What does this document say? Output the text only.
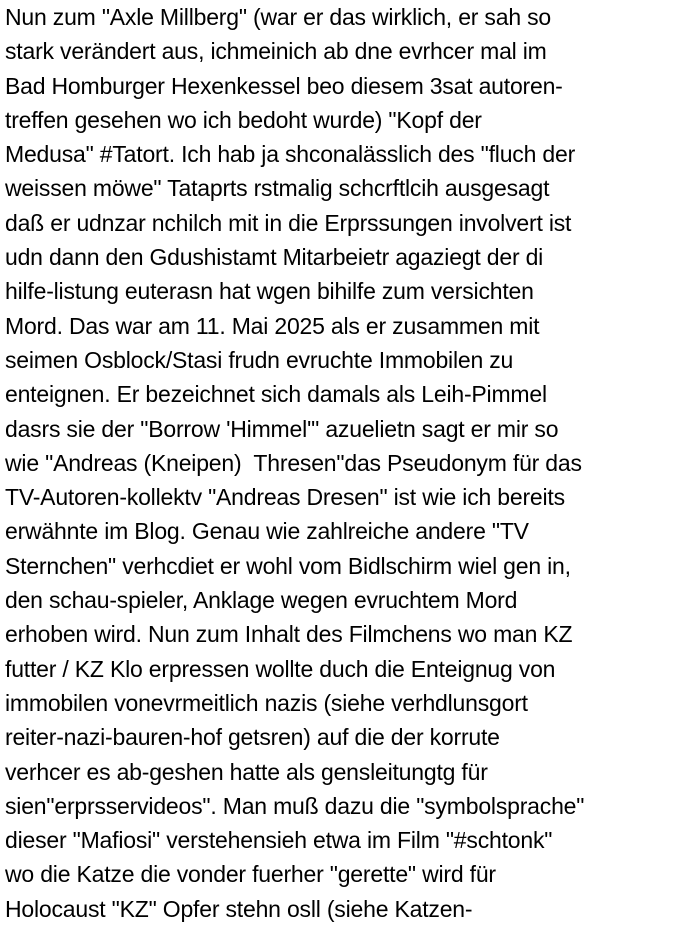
Nun zum "Axle Millberg" (war er das wirklich, er sah so
stark verändert aus, ichmeinich ab dne evrhcer mal im
Bad Homburger Hexenkessel beo diesem 3sat autoren-
treffen gesehen wo ich bedoht wurde) "Kopf der
Medusa" #Tatort. Ich hab ja shconalässlich des "fluch der
weissen möwe" Tataprts rstmalig schcrftlcih ausgesagt
daß er udnzar nchilch mit in die Erprssungen involvert ist
udn dann den Gdushistamt Mitarbeietr agaziegt der di
hilfe-listung euterasn hat wgen bihilfe zum versichten
Mord. Das war am 11. Mai 2025 als er zusammen mit
seimen Osblock/Stasi frudn evruchte Immobilen zu
enteignen. Er bezeichnet sich damals als Leih-Pimmel
dasrs sie der "Borrow 'Himmel'" azuelietn sagt er mir so
wie "Andreas (Kneipen)  Thresen"das Pseudonym für das
TV-Autoren-kollektv "Andreas Dresen" ist wie ich bereits
erwähnte im Blog. Genau wie zahlreiche andere "TV
Sternchen" verhcdiet er wohl vom Bidlschirm wiel gen in,
den schau-spieler, Anklage wegen evruchtem Mord
erhoben wird. Nun zum Inhalt des Filmchens wo man KZ
futter / KZ Klo erpressen wollte duch die Enteignug von
immobilen vonevrmeitlich nazis (siehe verhdlunsgort
reiter-nazi-bauren-hof getsren) auf die der korrute
verhcer es ab-geshen hatte als gensleitungtg für
sien"erprsservideos". Man muß dazu die "symbolsprache"
dieser "Mafiosi" verstehensieh etwa im Film "#schtonk"
wo die Katze die vonder fuerher "gerette" wird für
Holocaust "KZ" Opfer stehn osll (siehe Katzen-
